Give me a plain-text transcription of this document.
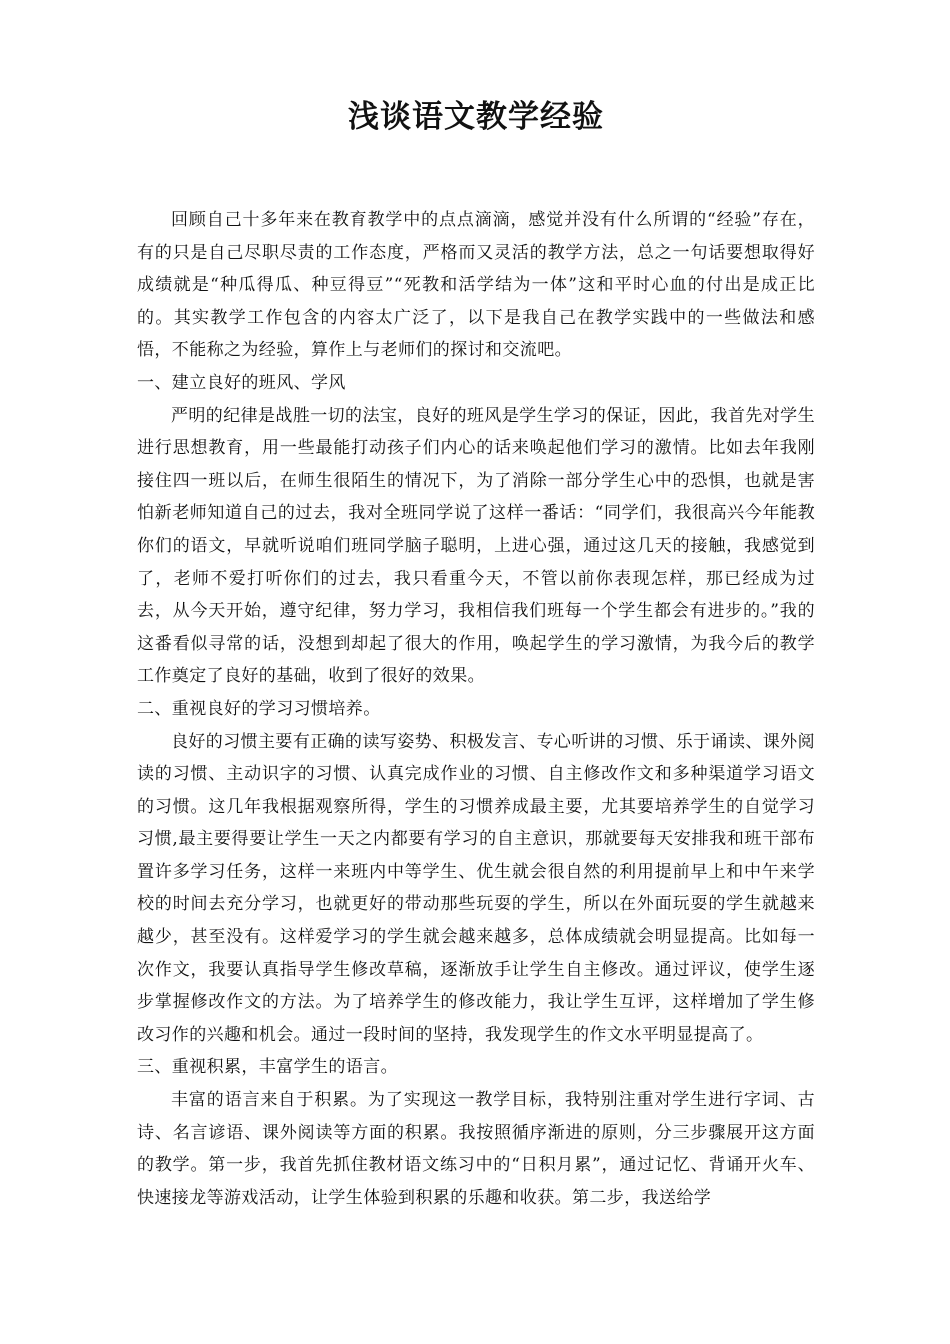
浅谈语文教学经验

回顾自己十多年来在教育教学中的点点滴滴，感觉并没有什么所谓的“经验”存在，有的只是自己尽职尽责的工作态度，严格而又灵活的教学方法，总之一句话要想取得好成绩就是“种瓜得瓜、种豆得豆”“死教和活学结为一体”这和平时心血的付出是成正比的。其实教学工作包含的内容太广泛了，以下是我自己在教学实践中的一些做法和感悟，不能称之为经验，算作上与老师们的探讨和交流吧。

一、建立良好的班风、学风

严明的纪律是战胜一切的法宝，良好的班风是学生学习的保证，因此，我首先对学生进行思想教育，用一些最能打动孩子们内心的话来唤起他们学习的激情。比如去年我刚接住四一班以后，在师生很陌生的情况下，为了消除一部分学生心中的恐惧，也就是害怕新老师知道自己的过去，我对全班同学说了这样一番话：“同学们，我很高兴今年能教你们的语文，早就听说咱们班同学脑子聪明，上进心强，通过这几天的接触，我感觉到了，老师不爱打听你们的过去，我只看重今天，不管以前你表现怎样，那已经成为过去，从今天开始，遵守纪律，努力学习，我相信我们班每一个学生都会有进步的。”我的这番看似寻常的话，没想到却起了很大的作用，唤起学生的学习激情，为我今后的教学工作奠定了良好的基础，收到了很好的效果。

二、重视良好的学习习惯培养。

良好的习惯主要有正确的读写姿势、积极发言、专心听讲的习惯、乐于诵读、课外阅读的习惯、主动识字的习惯、认真完成作业的习惯、自主修改作文和多种渠道学习语文的习惯。这几年我根据观察所得，学生的习惯养成最主要，尤其要培养学生的自觉学习习惯,最主要得要让学生一天之内都要有学习的自主意识，那就要每天安排我和班干部布置许多学习任务，这样一来班内中等学生、优生就会很自然的利用提前早上和中午来学校的时间去充分学习，也就更好的带动那些玩耍的学生，所以在外面玩耍的学生就越来越少，甚至没有。这样爱学习的学生就会越来越多，总体成绩就会明显提高。比如每一次作文，我要认真指导学生修改草稿，逐渐放手让学生自主修改。通过评议，使学生逐步掌握修改作文的方法。为了培养学生的修改能力，我让学生互评，这样增加了学生修改习作的兴趣和机会。通过一段时间的坚持，我发现学生的作文水平明显提高了。

三、重视积累，丰富学生的语言。

丰富的语言来自于积累。为了实现这一教学目标，我特别注重对学生进行字词、古诗、名言谚语、课外阅读等方面的积累。我按照循序渐进的原则，分三步骤展开这方面的教学。第一步，我首先抓住教材语文练习中的“日积月累”，通过记忆、背诵开火车、快速接龙等游戏活动，让学生体验到积累的乐趣和收获。第二步，我送给学
